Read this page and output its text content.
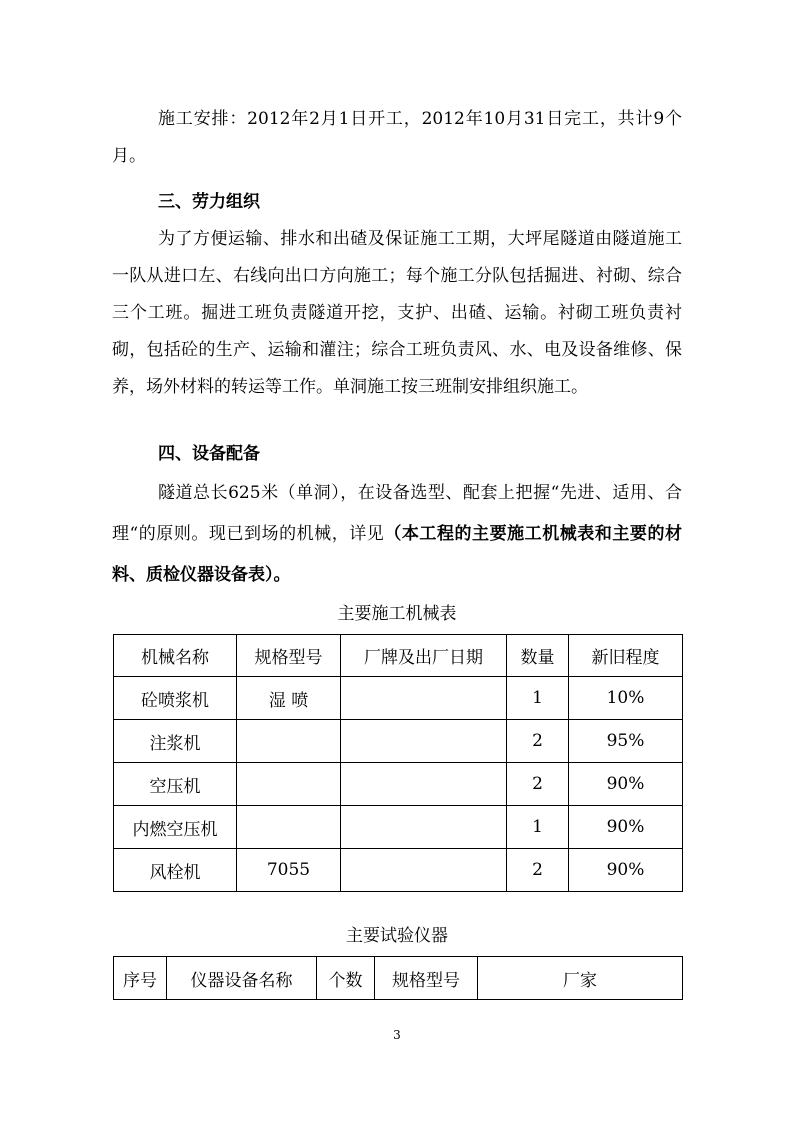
施工安排：2012年2月1日开工，2012年10月31日完工，共计9个月。

三、劳力组织

为了方便运输、排水和出碴及保证施工工期，大坪尾隧道由隧道施工一队从进口左、右线向出口方向施工；每个施工分队包括掘进、衬砌、综合三个工班。掘进工班负责隧道开挖，支护、出碴、运输。衬砌工班负责衬砌，包括砼的生产、运输和灌注；综合工班负责风、水、电及设备维修、保养，场外材料的转运等工作。单洞施工按三班制安排组织施工。

四、设备配备

隧道总长625米（单洞），在设备选型、配套上把握“先进、适用、合理“的原则。现已到场的机械，详见（本工程的主要施工机械表和主要的材料、质检仪器设备表）。

主要施工机械表
机械名称	规格型号	厂牌及出厂日期	数量	新旧程度
砼喷浆机	湿 喷		1	10%
注浆机			2	95%
空压机			2	90%
内燃空压机			1	90%
风栓机	7055		2	90%
主要试验仪器
序号	仪器设备名称	个数	规格型号	厂家
3
